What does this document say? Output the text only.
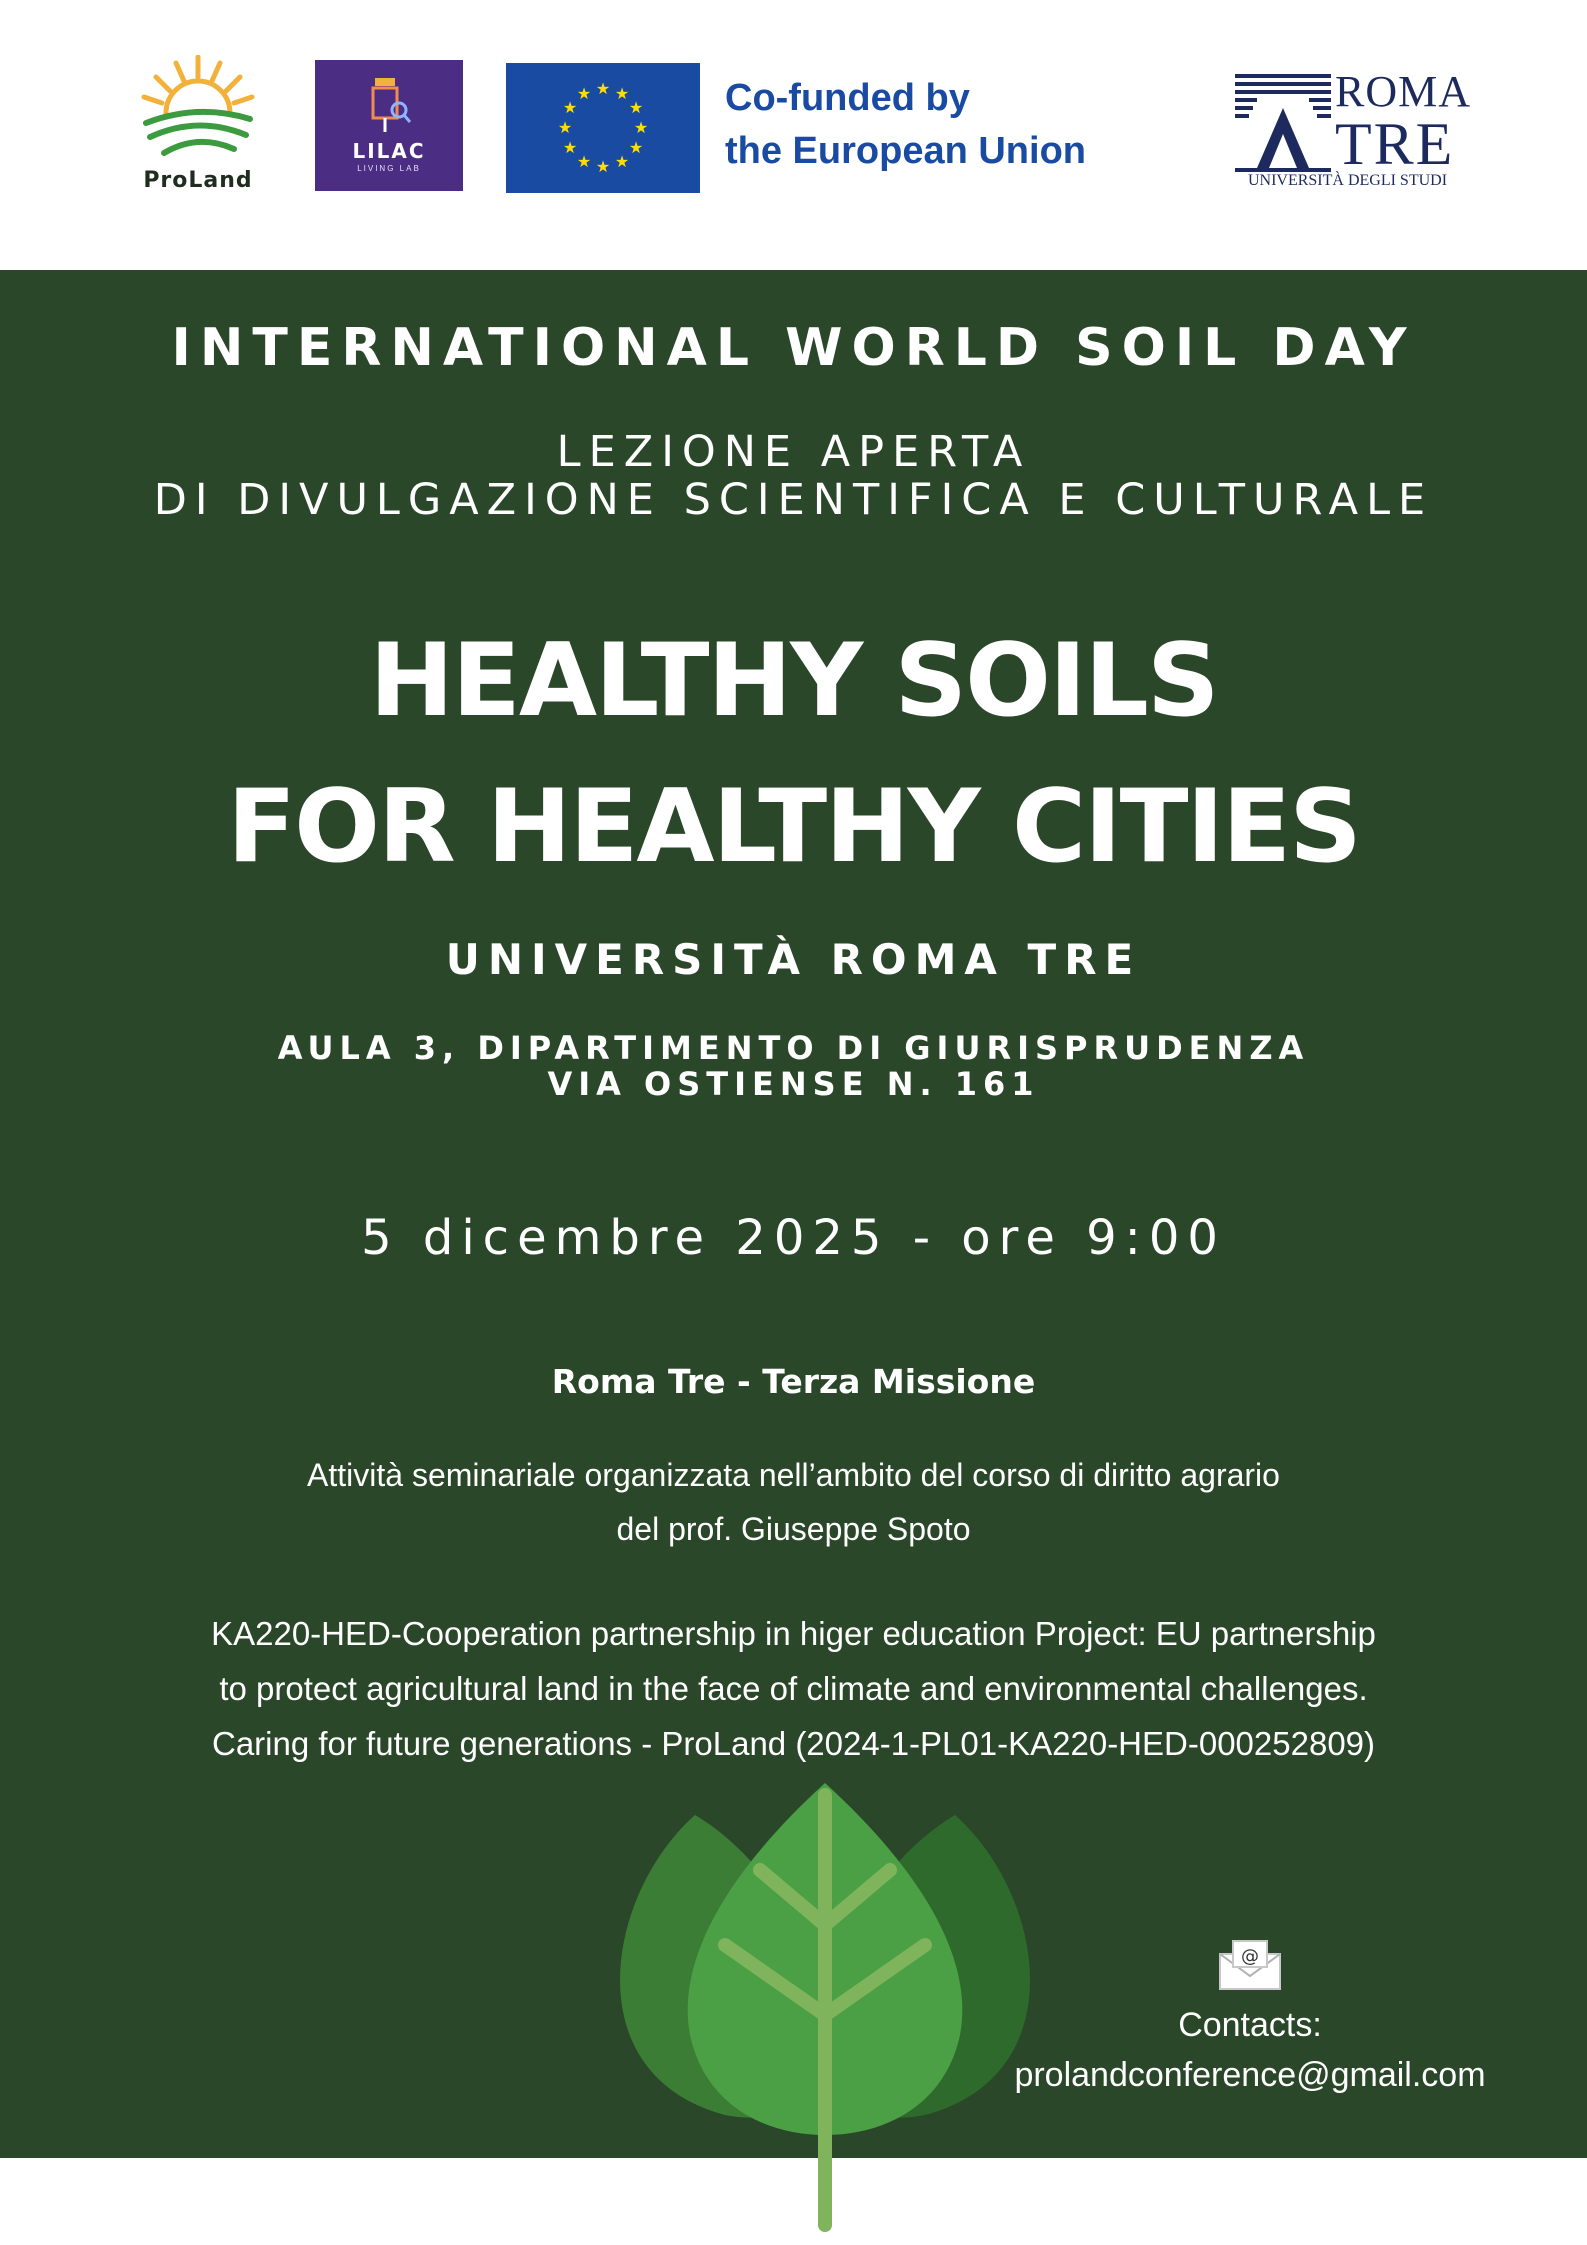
ProLand
LILAC
LIVING LAB
★ ★
★
★
★
★
★
★
★
★
★
★	Co-funded by
the European Union
ROMA
TRE
UNIVERSITÀ DEGLI STUDI
INTERNATIONAL WORLD SOIL DAY
LEZIONE APERTA
DI DIVULGAZIONE SCIENTIFICA E CULTURALE
HEALTHY SOILS
FOR HEALTHY CITIES
UNIVERSITÀ ROMA TRE
AULA 3, DIPARTIMENTO DI GIURISPRUDENZA
VIA OSTIENSE N. 161
5 dicembre 2025 - ore 9:00
Roma Tre - Terza Missione
Attività seminariale organizzata nell’ambito del corso di diritto agrario
del prof. Giuseppe Spoto
KA220-HED-Cooperation partnership in higer education Project: EU partnership
to protect agricultural land in the face of climate and environmental challenges.
Caring for future generations - ProLand (2024-1-PL01-KA220-HED-000252809)
@
Contacts:
prolandconference@gmail.com
